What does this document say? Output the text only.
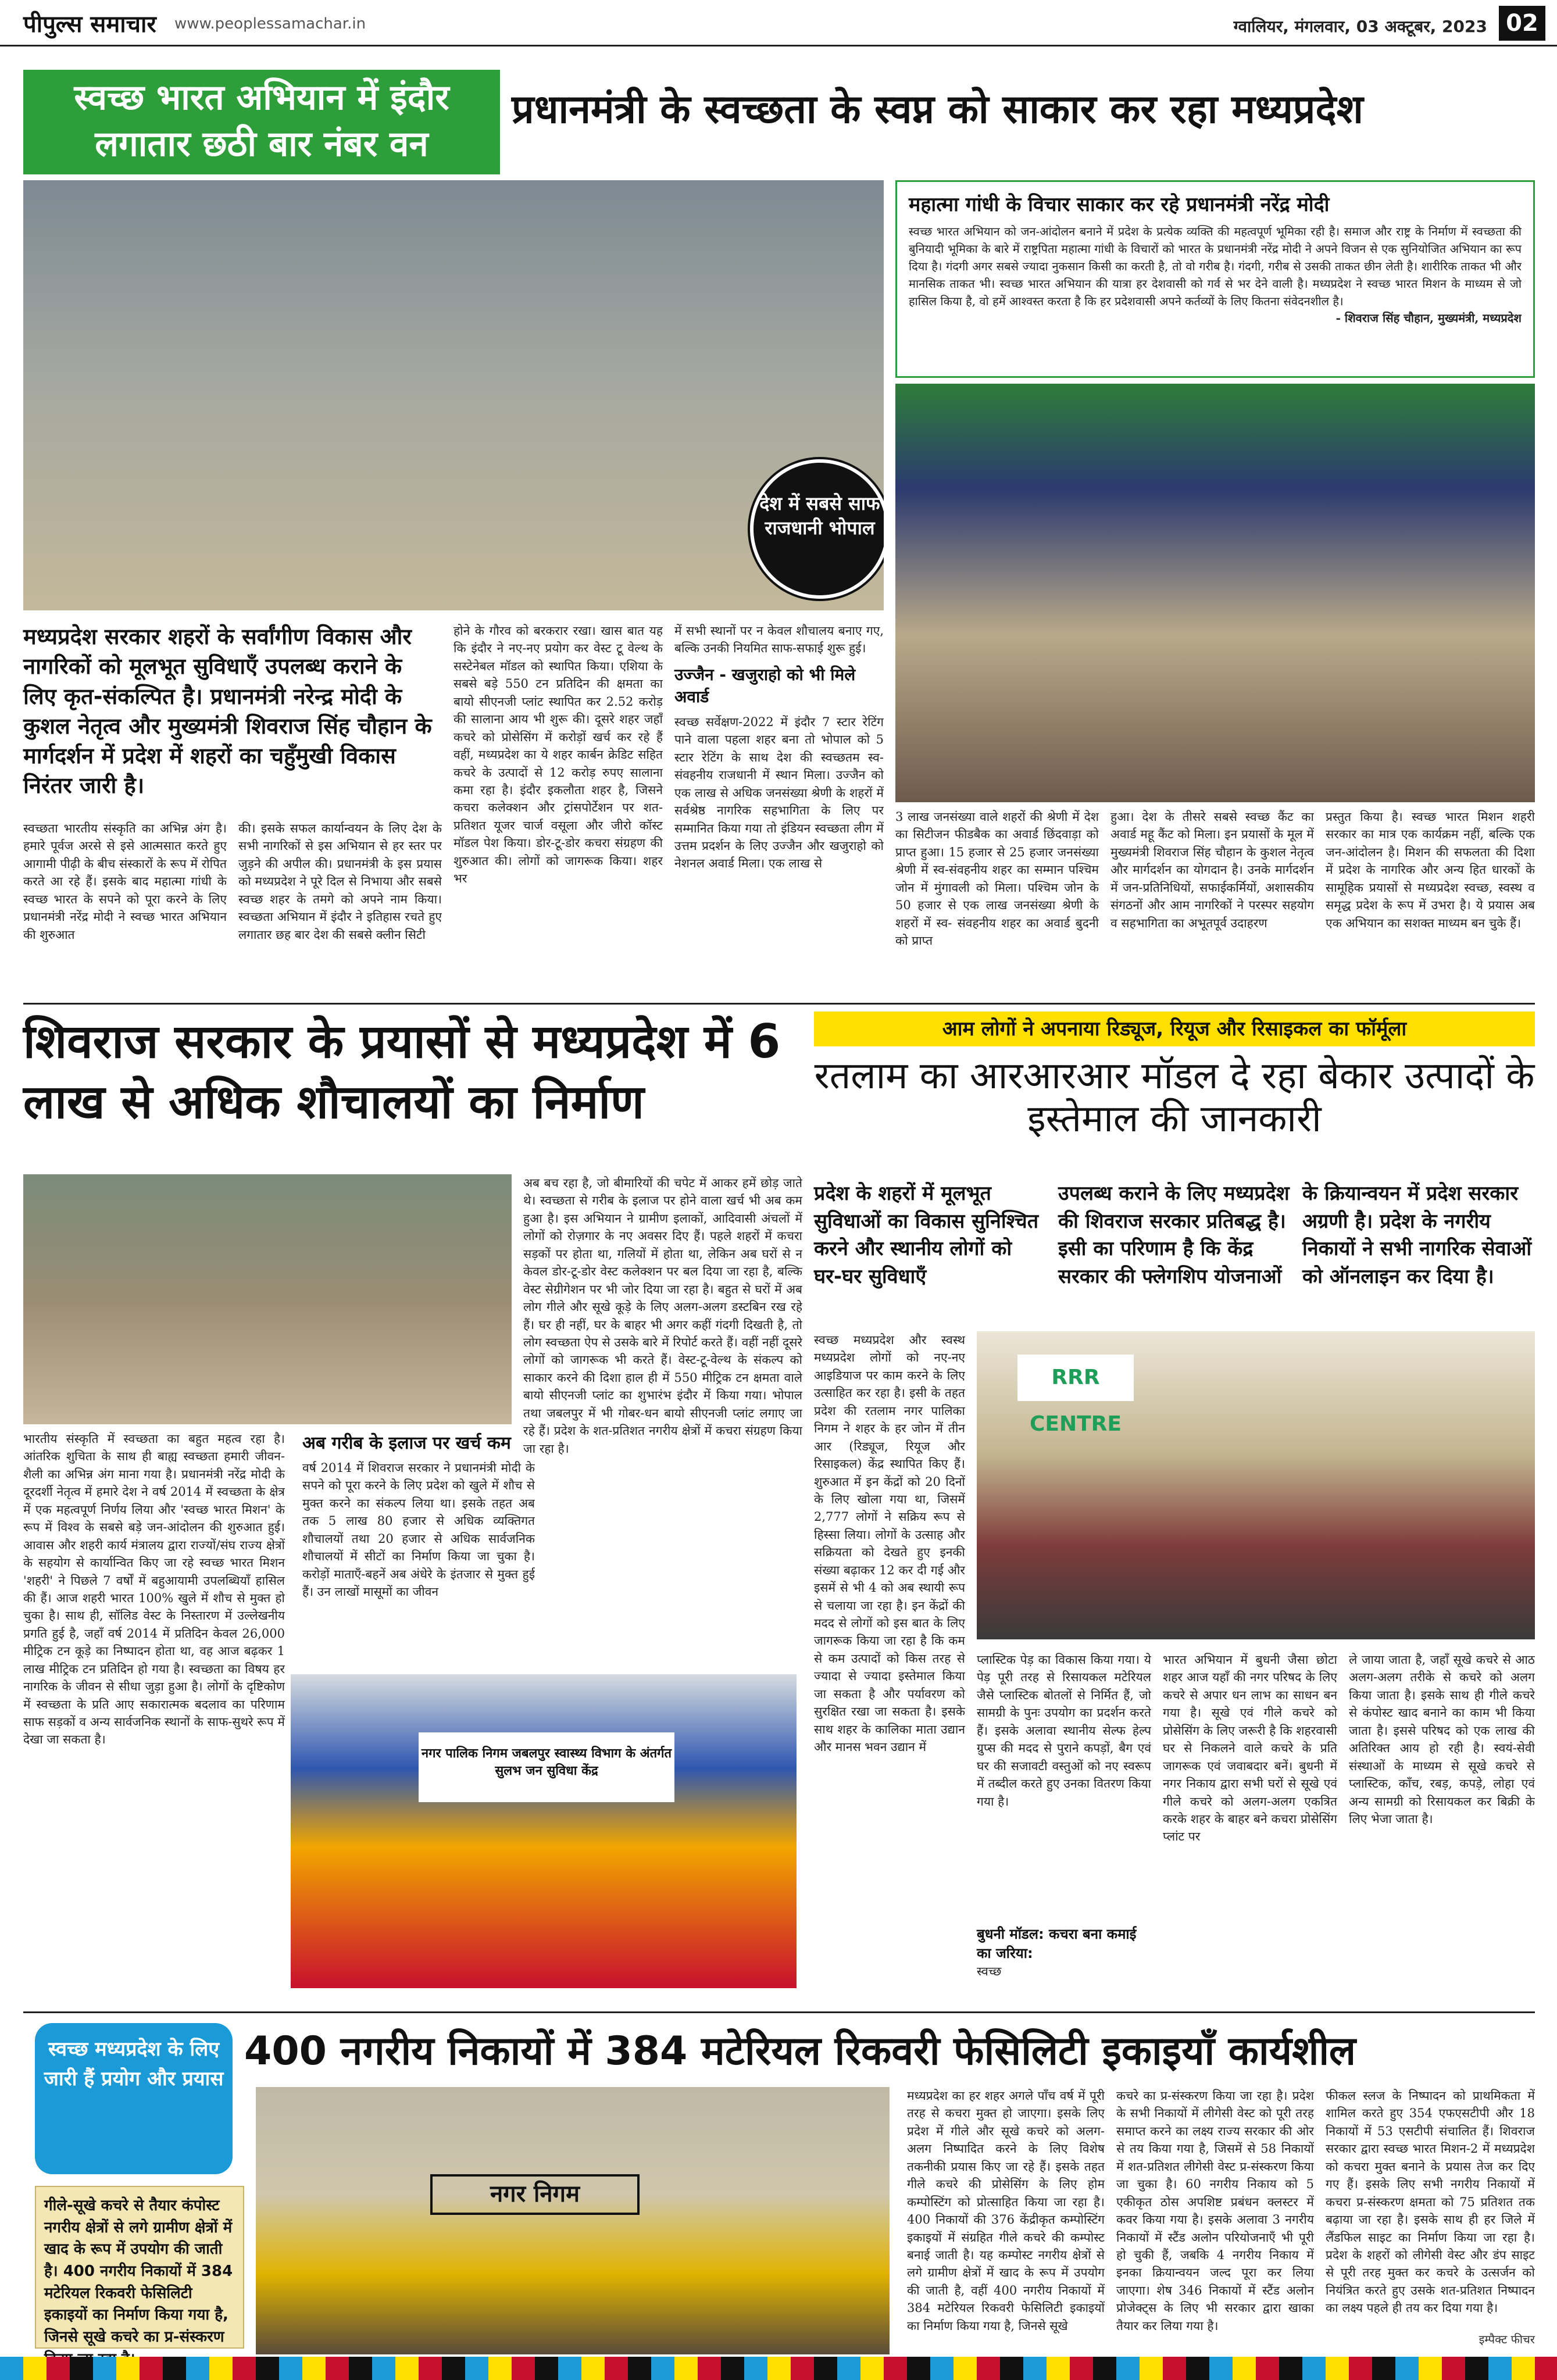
पीपुल्स समाचार www.peoplessamachar.in	ग्वालियर, मंगलवार, 03 अक्टूबर, 2023 02
स्वच्छ भारत अभियान में इंदौर
लगातार छठी बार नंबर वन
प्रधानमंत्री के स्वच्छता के स्वप्न को साकार कर रहा मध्यप्रदेश
देश में सबसे साफ राजधानी भोपाल
महात्मा गांधी के विचार साकार कर रहे प्रधानमंत्री नरेंद्र मोदी
स्वच्छ भारत अभियान को जन-आंदोलन बनाने में प्रदेश के प्रत्येक व्यक्ति की महत्वपूर्ण भूमिका रही है। समाज और राष्ट्र के निर्माण में स्वच्छता की बुनियादी भूमिका के बारे में राष्ट्रपिता महात्मा गांधी के विचारों को भारत के प्रधानमंत्री नरेंद्र मोदी ने अपने विजन से एक सुनियोजित अभियान का रूप दिया है। गंदगी अगर सबसे ज्यादा नुकसान किसी का करती है, तो वो गरीब है। गंदगी, गरीब से उसकी ताकत छीन लेती है। शारीरिक ताकत भी और मानसिक ताकत भी। स्वच्छ भारत अभियान की यात्रा हर देशवासी को गर्व से भर देने वाली है। मध्यप्रदेश ने स्वच्छ भारत मिशन के माध्यम से जो हासिल किया है, वो हमें आश्वस्त करता है कि हर प्रदेशवासी अपने कर्तव्यों के लिए कितना संवेदनशील है।
- शिवराज सिंह चौहान, मुख्यमंत्री, मध्यप्रदेश
मध्यप्रदेश सरकार शहरों के सर्वांगीण विकास और नागरिकों को मूलभूत सुविधाएँ उपलब्ध कराने के लिए कृत-संकल्पित है। प्रधानमंत्री नरेन्द्र मोदी के कुशल नेतृत्व और मुख्यमंत्री शिवराज सिंह चौहान के मार्गदर्शन में प्रदेश में शहरों का चहुँमुखी विकास निरंतर जारी है।
स्वच्छता भारतीय संस्कृति का अभिन्न अंग है। हमारे पूर्वज अरसे से इसे आत्मसात करते हुए आगामी पीढ़ी के बीच संस्कारों के रूप में रोपित करते आ रहे हैं। इसके बाद महात्मा गांधी के स्वच्छ भारत के सपने को पूरा करने के लिए प्रधानमंत्री नरेंद्र मोदी ने स्वच्छ भारत अभियान की शुरुआत
की। इसके सफल कार्यान्वयन के लिए देश के सभी नागरिकों से इस अभियान से हर स्तर पर जुड़ने की अपील की। प्रधानमंत्री के इस प्रयास को मध्यप्रदेश ने पूरे दिल से निभाया और सबसे स्वच्छ शहर के तमगे को अपने नाम किया। स्वच्छता अभियान में इंदौर ने इतिहास रचते हुए लगातार छह बार देश की सबसे क्लीन सिटी
होने के गौरव को बरकरार रखा। खास बात यह कि इंदौर ने नए-नए प्रयोग कर वेस्ट टू वेल्थ के सस्टेनेबल मॉडल को स्थापित किया। एशिया के सबसे बड़े 550 टन प्रतिदिन की क्षमता का बायो सीएनजी प्लांट स्थापित कर 2.52 करोड़ की सालाना आय भी शुरू की। दूसरे शहर जहाँ कचरे को प्रोसेसिंग में करोड़ों खर्च कर रहे हैं वहीं, मध्यप्रदेश का ये शहर कार्बन क्रेडिट सहित कचरे के उत्पादों से 12 करोड़ रुपए सालाना कमा रहा है। इंदौर इकलौता शहर है, जिसने कचरा कलेक्शन और ट्रांसपोर्टेशन पर शत-प्रतिशत यूजर चार्ज वसूला और जीरो कॉस्ट मॉडल पेश किया। डोर-टू-डोर कचरा संग्रहण की शुरुआत की। लोगों को जागरूक किया। शहर भर
में सभी स्थानों पर न केवल शौचालय बनाए गए, बल्कि उनकी नियमित साफ-सफाई शुरू हुई।
उज्जैन - खजुराहो को भी मिले अवार्ड
स्वच्छ सर्वेक्षण-2022 में इंदौर 7 स्टार रेटिंग पाने वाला पहला शहर बना तो भोपाल को 5 स्टार रेटिंग के साथ देश की स्वच्छतम स्व-संवहनीय राजधानी में स्थान मिला। उज्जैन को एक लाख से अधिक जनसंख्या श्रेणी के शहरों में सर्वश्रेष्ठ नागरिक सहभागिता के लिए पर सम्मानित किया गया तो इंडियन स्वच्छता लीग में उत्तम प्रदर्शन के लिए उज्जैन और खजुराहो को नेशनल अवार्ड मिला। एक लाख से
3 लाख जनसंख्या वाले शहरों की श्रेणी में देश का सिटीजन फीडबैक का अवार्ड छिंदवाड़ा को प्राप्त हुआ। 15 हजार से 25 हजार जनसंख्या श्रेणी में स्व-संवहनीय शहर का सम्मान पश्चिम जोन में मुंगावली को मिला। पश्चिम जोन के 50 हजार से एक लाख जनसंख्या श्रेणी के शहरों में स्व- संवहनीय शहर का अवार्ड बुदनी को प्राप्त
हुआ। देश के तीसरे सबसे स्वच्छ कैंट का अवार्ड महू कैंट को मिला। इन प्रयासों के मूल में मुख्यमंत्री शिवराज सिंह चौहान के कुशल नेतृत्व और मार्गदर्शन का योगदान है। उनके मार्गदर्शन में जन-प्रतिनिधियों, सफाईकर्मियों, अशासकीय संगठनों और आम नागरिकों ने परस्पर सहयोग व सहभागिता का अभूतपूर्व उदाहरण
प्रस्तुत किया है। स्वच्छ भारत मिशन शहरी सरकार का मात्र एक कार्यक्रम नहीं, बल्कि एक जन-आंदोलन है। मिशन की सफलता की दिशा में प्रदेश के नागरिक और अन्य हित धारकों के सामूहिक प्रयासों से मध्यप्रदेश स्वच्छ, स्वस्थ व समृद्ध प्रदेश के रूप में उभरा है। ये प्रयास अब एक अभियान का सशक्त माध्यम बन चुके हैं।
शिवराज सरकार के प्रयासों से मध्यप्रदेश में 6 लाख से अधिक शौचालयों का निर्माण
भारतीय संस्कृति में स्वच्छता का बहुत महत्व रहा है। आंतरिक शुचिता के साथ ही बाह्य स्वच्छता हमारी जीवन-शैली का अभिन्न अंग माना गया है। प्रधानमंत्री नरेंद्र मोदी के दूरदर्शी नेतृत्व में हमारे देश ने वर्ष 2014 में स्वच्छता के क्षेत्र में एक महत्वपूर्ण निर्णय लिया और 'स्वच्छ भारत मिशन' के रूप में विश्व के सबसे बड़े जन-आंदोलन की शुरुआत हुई। आवास और शहरी कार्य मंत्रालय द्वारा राज्यों/संघ राज्य क्षेत्रों के सहयोग से कार्यान्वित किए जा रहे स्वच्छ भारत मिशन 'शहरी' ने पिछले 7 वर्षों में बहुआयामी उपलब्धियाँ हासिल की हैं। आज शहरी भारत 100% खुले में शौच से मुक्त हो चुका है। साथ ही, सॉलिड वेस्ट के निस्तारण में उल्लेखनीय प्रगति हुई है, जहाँ वर्ष 2014 में प्रतिदिन केवल 26,000 मीट्रिक टन कूड़े का निष्पादन होता था, वह आज बढ़कर 1 लाख मीट्रिक टन प्रतिदिन हो गया है। स्वच्छता का विषय हर नागरिक के जीवन से सीधा जुड़ा हुआ है। लोगों के दृष्टिकोण में स्वच्छता के प्रति आए सकारात्मक बदलाव का परिणाम साफ सड़कों व अन्य सार्वजनिक स्थानों के साफ-सुथरे रूप में देखा जा सकता है।
अब गरीब के इलाज पर खर्च कम
वर्ष 2014 में शिवराज सरकार ने प्रधानमंत्री मोदी के सपने को पूरा करने के लिए प्रदेश को खुले में शौच से मुक्त करने का संकल्प लिया था। इसके तहत अब तक 5 लाख 80 हजार से अधिक व्यक्तिगत शौचालयों तथा 20 हजार से अधिक सार्वजनिक शौचालयों में सीटों का निर्माण किया जा चुका है। करोड़ों माताएँ-बहनें अब अंधेरे के इंतजार से मुक्त हुई हैं। उन लाखों मासूमों का जीवन
अब बच रहा है, जो बीमारियों की चपेट में आकर हमें छोड़ जाते थे। स्वच्छता से गरीब के इलाज पर होने वाला खर्च भी अब कम हुआ है। इस अभियान ने ग्रामीण इलाकों, आदिवासी अंचलों में लोगों को रोज़गार के नए अवसर दिए हैं। पहले शहरों में कचरा सड़कों पर होता था, गलियों में होता था, लेकिन अब घरों से न केवल डोर-टू-डोर वेस्ट कलेक्शन पर बल दिया जा रहा है, बल्कि वेस्ट सेग्रीगेशन पर भी जोर दिया जा रहा है। बहुत से घरों में अब लोग गीले और सूखे कूड़े के लिए अलग-अलग डस्टबिन रख रहे हैं। घर ही नहीं, घर के बाहर भी अगर कहीं गंदगी दिखती है, तो लोग स्वच्छता ऐप से उसके बारे में रिपोर्ट करते हैं। वहीं नहीं दूसरे लोगों को जागरूक भी करते हैं। वेस्ट-टू-वेल्थ के संकल्प को साकार करने की दिशा हाल ही में 550 मीट्रिक टन क्षमता वाले बायो सीएनजी प्लांट का शुभारंभ इंदौर में किया गया। भोपाल तथा जबलपुर में भी गोबर-धन बायो सीएनजी प्लांट लगाए जा रहे हैं। प्रदेश के शत-प्रतिशत नगरीय क्षेत्रों में कचरा संग्रहण किया जा रहा है।
नगर पालिक निगम जबलपुर स्वास्थ्य विभाग के अंतर्गत सुलभ जन सुविधा केंद्र
आम लोगों ने अपनाया रिड्यूज, रियूज और रिसाइकल का फॉर्मूला
रतलाम का आरआरआर मॉडल दे रहा बेकार उत्पादों के इस्तेमाल की जानकारी
प्रदेश के शहरों में मूलभूत सुविधाओं का विकास सुनिश्चित करने और स्थानीय लोगों को घर-घर सुविधाएँ
उपलब्ध कराने के लिए मध्यप्रदेश की शिवराज सरकार प्रतिबद्ध है। इसी का परिणाम है कि केंद्र सरकार की फ्लेगशिप योजनाओं
के क्रियान्वयन में प्रदेश सरकार अग्रणी है। प्रदेश के नगरीय निकायों ने सभी नागरिक सेवाओं को ऑनलाइन कर दिया है।
स्वच्छ मध्यप्रदेश और स्वस्थ मध्यप्रदेश लोगों को नए-नए आइडियाज पर काम करने के लिए उत्साहित कर रहा है। इसी के तहत प्रदेश की रतलाम नगर पालिका निगम ने शहर के हर जोन में तीन आर (रिड्यूज, रियूज और रिसाइकल) केंद्र स्थापित किए हैं। शुरुआत में इन केंद्रों को 20 दिनों के लिए खोला गया था, जिसमें 2,777 लोगों ने सक्रिय रूप से हिस्सा लिया। लोगों के उत्साह और सक्रियता को देखते हुए इनकी संख्या बढ़ाकर 12 कर दी गई और इसमें से भी 4 को अब स्थायी रूप से चलाया जा रहा है। इन केंद्रों की मदद से लोगों को इस बात के लिए जागरूक किया जा रहा है कि कम से कम उत्पादों को किस तरह से ज्यादा से ज्यादा इस्तेमाल किया जा सकता है और पर्यावरण को सुरक्षित रखा जा सकता है। इसके साथ शहर के कालिका माता उद्यान और मानस भवन उद्यान में
RRR CENTRE
प्लास्टिक पेड़ का विकास किया गया। ये पेड़ पूरी तरह से रिसायकल मटेरियल जैसे प्लास्टिक बोतलों से निर्मित हैं, जो सामग्री के पुनः उपयोग का प्रदर्शन करते हैं। इसके अलावा स्थानीय सेल्फ हेल्प ग्रुप्स की मदद से पुराने कपड़ों, बैग एवं घर की सजावटी वस्तुओं को नए स्वरूप में तब्दील करते हुए उनका वितरण किया गया है।
बुधनी मॉडल: कचरा बना कमाई का जरिया:
स्वच्छ
भारत अभियान में बुधनी जैसा छोटा शहर आज यहाँ की नगर परिषद के लिए कचरे से अपार धन लाभ का साधन बन गया है। सूखे एवं गीले कचरे को प्रोसेसिंग के लिए जरूरी है कि शहरवासी घर से निकलने वाले कचरे के प्रति जागरूक एवं जवाबदार बनें। बुधनी में नगर निकाय द्वारा सभी घरों से सूखे एवं गीले कचरे को अलग-अलग एकत्रित करके शहर के बाहर बने कचरा प्रोसेसिंग प्लांट पर
ले जाया जाता है, जहाँ सूखे कचरे से आठ अलग-अलग तरीके से कचरे को अलग किया जाता है। इसके साथ ही गीले कचरे से कंपोस्ट खाद बनाने का काम भी किया जाता है। इससे परिषद को एक लाख की अतिरिक्त आय हो रही है। स्वयं-सेवी संस्थाओं के माध्यम से सूखे कचरे से प्लास्टिक, काँच, रबड़, कपड़े, लोहा एवं अन्य सामग्री को रिसायकल कर बिक्री के लिए भेजा जाता है।
स्वच्छ मध्यप्रदेश के लिए जारी हैं प्रयोग और प्रयास
400 नगरीय निकायों में 384 मटेरियल रिकवरी फेसिलिटी इकाइयाँ कार्यशील
गीले-सूखे कचरे से तैयार कंपोस्ट नगरीय क्षेत्रों से लगे ग्रामीण क्षेत्रों में खाद के रूप में उपयोग की जाती है। 400 नगरीय निकायों में 384 मटेरियल रिकवरी फेसिलिटी इकाइयों का निर्माण किया गया है, जिनसे सूखे कचरे का प्र-संस्करण
नगर निगम
मध्यप्रदेश का हर शहर अगले पाँच वर्ष में पूरी तरह से कचरा मुक्त हो जाएगा। इसके लिए प्रदेश में गीले और सूखे कचरे को अलग-अलग निष्पादित करने के लिए विशेष तकनीकी प्रयास किए जा रहे हैं। इसके तहत गीले कचरे की प्रोसेसिंग के लिए होम कम्पोस्टिंग को प्रोत्साहित किया जा रहा है। 400 निकायों की 376 केंद्रीकृत कम्पोस्टिंग इकाइयों में संग्रहित गीले कचरे की कम्पोस्ट बनाई जाती है। यह कम्पोस्ट नगरीय क्षेत्रों से लगे ग्रामीण क्षेत्रों में खाद के रूप में उपयोग की जाती है, वहीं 400 नगरीय निकायों में 384 मटेरियल रिकवरी फेसिलिटी इकाइयों का निर्माण किया गया है, जिनसे सूखे
कचरे का प्र-संस्करण किया जा रहा है। प्रदेश के सभी निकायों में लीगेसी वेस्ट को पूरी तरह समाप्त करने का लक्ष्य राज्य सरकार की ओर से तय किया गया है, जिसमें से 58 निकायों में शत-प्रतिशत लीगेसी वेस्ट प्र-संस्करण किया जा चुका है। 60 नगरीय निकाय को 5 एकीकृत ठोस अपशिष्ट प्रबंधन क्लस्टर में कवर किया गया है। इसके अलावा 3 नगरीय निकायों में स्टैंड अलोन परियोजनाएँ भी पूरी हो चुकी हैं, जबकि 4 नगरीय निकाय में इनका क्रियान्वयन जल्द पूरा कर लिया जाएगा। शेष 346 निकायों में स्टैंड अलोन प्रोजेक्ट्स के लिए भी सरकार द्वारा खाका तैयार कर लिया गया है।
फीकल स्लज के निष्पादन को प्राथमिकता में शामिल करते हुए 354 एफएसटीपी और 18 निकायों में 53 एसटीपी संचालित हैं। शिवराज सरकार द्वारा स्वच्छ भारत मिशन-2 में मध्यप्रदेश को कचरा मुक्त बनाने के प्रयास तेज कर दिए गए हैं। इसके लिए सभी नगरीय निकायों में कचरा प्र-संस्करण क्षमता को 75 प्रतिशत तक बढ़ाया जा रहा है। इसके साथ ही हर जिले में लैंडफिल साइट का निर्माण किया जा रहा है। प्रदेश के शहरों को लीगेसी वेस्ट और डंप साइट से पूरी तरह मुक्त कर कचरे के उत्सर्जन को नियंत्रित करते हुए उसके शत-प्रतिशत निष्पादन का लक्ष्य पहले ही तय कर दिया गया है।
इम्पैक्ट फीचर
